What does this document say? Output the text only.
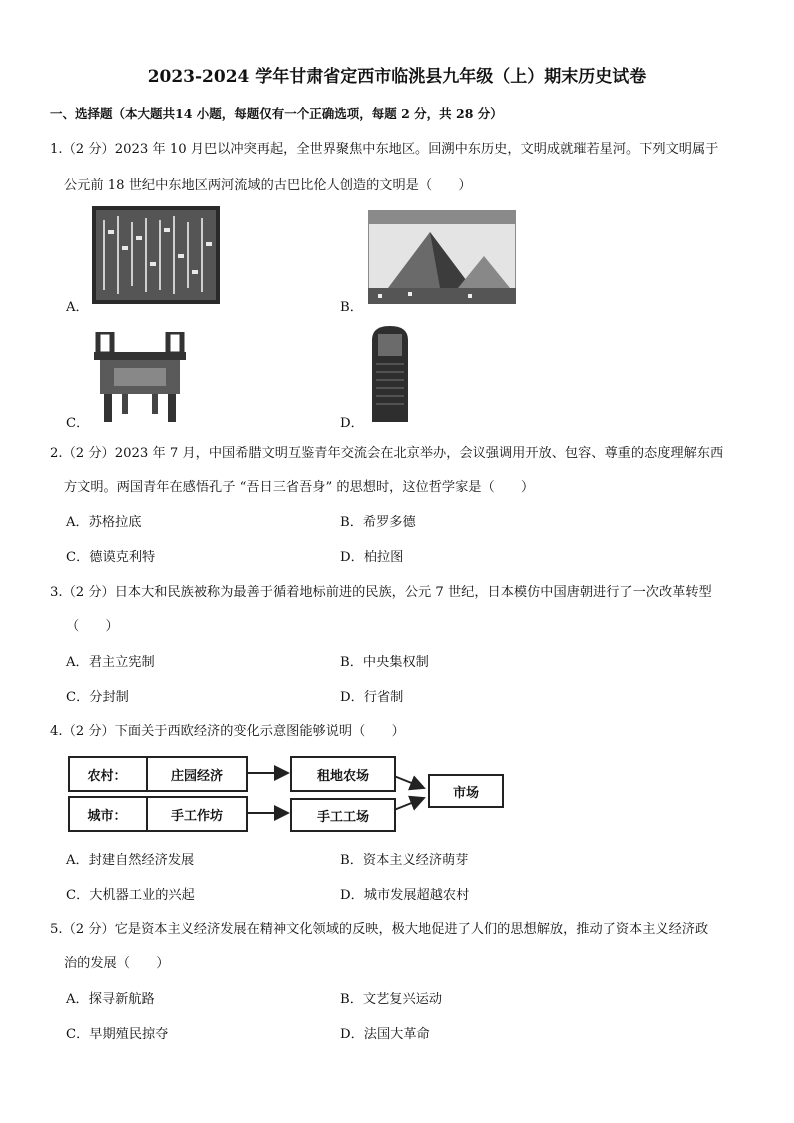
2023-2024 学年甘肃省定西市临洮县九年级（上）期末历史试卷
一、选择题（本大题共14 小题，每题仅有一个正确选项，每题 2 分，共 28 分）
1.（2 分）2023 年 10 月巴以冲突再起，全世界聚焦中东地区。回溯中东历史，文明成就璀若星河。下列文明属于
公元前 18 世纪中东地区两河流域的古巴比伦人创造的文明是（　　）
A．	B．
C．	D．
2.（2 分）2023 年 7 月，中国希腊文明互鉴青年交流会在北京举办，会议强调用开放、包容、尊重的态度理解东西
方文明。两国青年在感悟孔子 “吾日三省吾身” 的思想时，这位哲学家是（　　）
A．苏格拉底	B．希罗多德
C．德谟克利特	D．柏拉图
3.（2 分）日本大和民族被称为最善于循着地标前进的民族，公元 7 世纪，日本模仿中国唐朝进行了一次改革转型
（　　）
A．君主立宪制	B．中央集权制
C．分封制	D．行省制
4.（2 分）下面关于西欧经济的变化示意图能够说明（　　）
农村：	庄园经济
城市：	手工作坊
租地农场
手工工场
市场
A．封建自然经济发展	B．资本主义经济萌芽
C．大机器工业的兴起	D．城市发展超越农村
5.（2 分）它是资本主义经济发展在精神文化领域的反映，极大地促进了人们的思想解放，推动了资本主义经济政
治的发展（　　）
A．探寻新航路	B．文艺复兴运动
C．早期殖民掠夺	D．法国大革命
